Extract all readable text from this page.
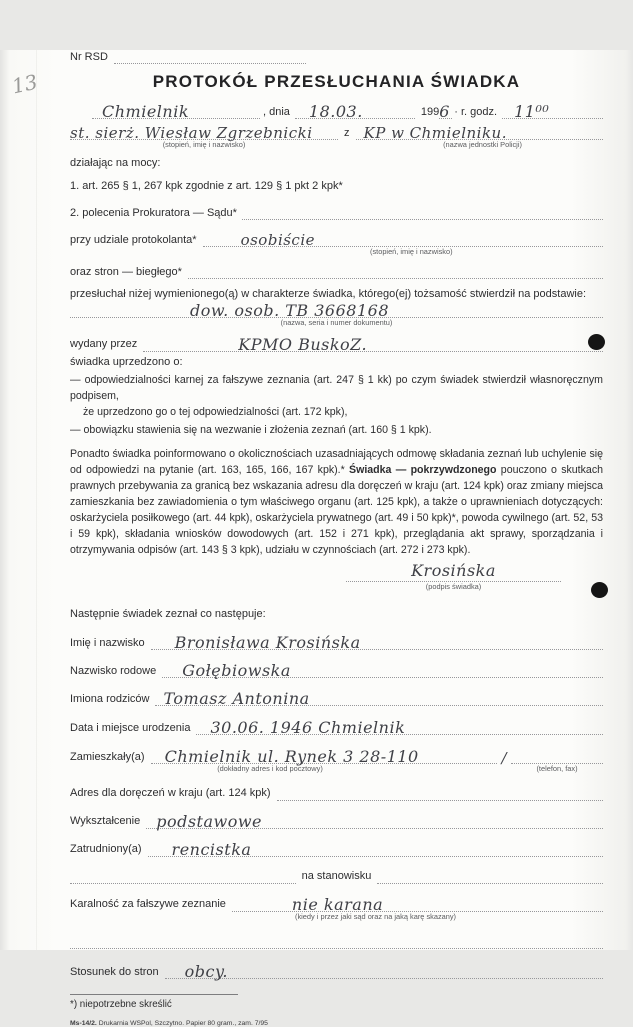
13
Nr RSD
PROTOKÓŁ PRZESŁUCHANIA ŚWIADKA
Chmielnik	, dnia	18.03.	199 6 · r. godz.	11⁰⁰
st. sierż. Wiesław Zgrzebnicki	z KP w Chmielniku.
(stopień, imię i nazwisko)	(nazwa jednostki Policji)
działając na mocy:
1. art. 265 § 1, 267 kpk zgodnie z art. 129 § 1 pkt 2 kpk*
2. polecenia Prokuratora — Sądu*
przy udziale protokolanta*	osobiście
(stopień, imię i nazwisko)
oraz stron — biegłego*
przesłuchał niżej wymienionego(ą) w charakterze świadka, którego(ej) tożsamość stwierdził na podstawie:
dow. osob. TB 3668168
(nazwa, seria i numer dokumentu)
wydany przez	KPMO BuskoZ.
świadka uprzedzono o:
— odpowiedzialności karnej za fałszywe zeznania (art. 247 § 1 kk) po czym świadek stwierdził własnoręcznym podpisem,
że uprzedzono go o tej odpowiedzialności (art. 172 kpk),
— obowiązku stawienia się na wezwanie i złożenia zeznań (art. 160 § 1 kpk).
Ponadto świadka poinformowano o okolicznościach uzasadniających odmowę składania zeznań lub uchylenie się od odpowiedzi na pytanie (art. 163, 165, 166, 167 kpk).* Świadka — pokrzywdzonego pouczono o skutkach prawnych przebywania za granicą bez wskazania adresu dla doręczeń w kraju (art. 124 kpk) oraz zmiany miejsca zamieszkania bez zawiadomienia o tym właściwego organu (art. 125 kpk), a także o uprawnieniach dotyczących: oskarżyciela posiłkowego (art. 44 kpk), oskarżyciela prywatnego (art. 49 i 50 kpk)*, powoda cywilnego (art. 52, 53 i 59 kpk), składania wniosków dowodowych (art. 152 i 271 kpk), przeglądania akt sprawy, sporządzania i otrzymywania odpisów (art. 143 § 3 kpk), udziału w czynnościach (art. 272 i 273 kpk).
Krosińska
(podpis świadka)
Następnie świadek zeznał co następuje:
Imię i nazwisko	Bronisława Krosińska
Nazwisko rodowe	Gołębiowska
Imiona rodziców Tomasz Antonina
Data i miejsce urodzenia	30.06. 1946 Chmielnik
Zamieszkały(a)	Chmielnik ul. Rynek 3 28-110	/
(dokładny adres i kod pocztowy)	(telefon, fax)
Adres dla doręczeń w kraju (art. 124 kpk)
Wykształcenie	podstawowe
Zatrudniony(a)	rencistka
na stanowisku
Karalność za fałszywe zeznanie	nie karana
(kiedy i przez jaki sąd oraz na jaką karę skazany)
Stosunek do stron	obcy.
*) niepotrzebne skreślić
Ms-14/2. Drukarnia WSPol, Szczytno. Papier 80 gram., zam. 7/95
